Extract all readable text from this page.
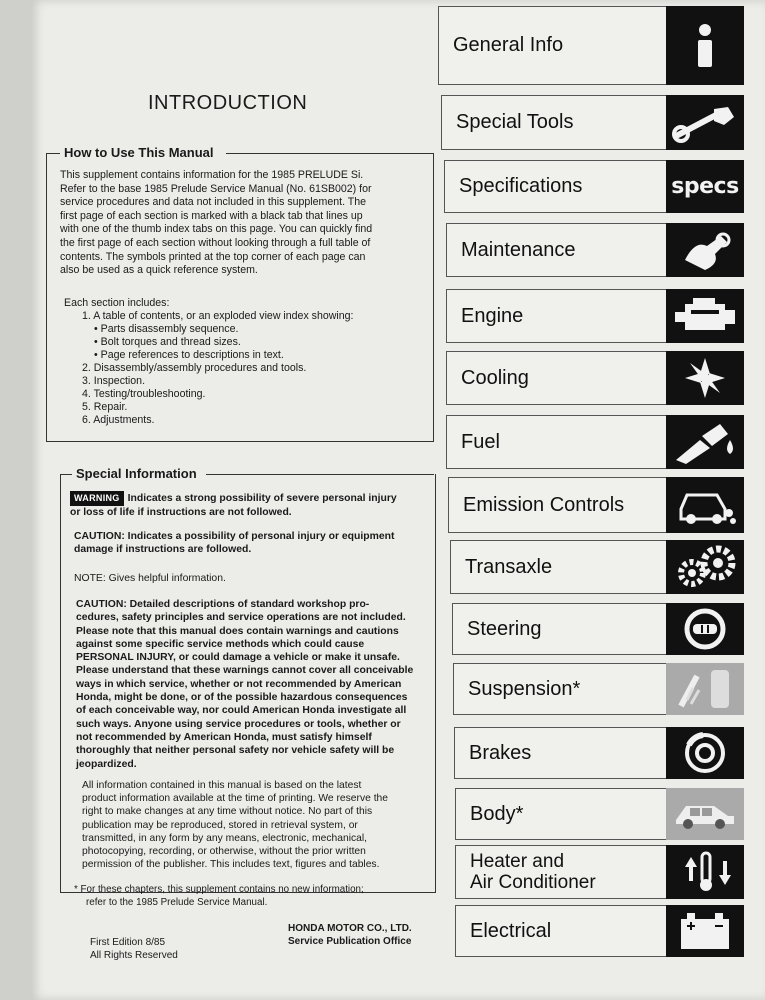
INTRODUCTION
How to Use This Manual

This supplement contains information for the 1985 PRELUDE Si.

Refer to the base 1985 Prelude Service Manual (No. 61SB002) for

service procedures and data not included in this supplement. The

first page of each section is marked with a black tab that lines up

with one of the thumb index tabs on this page. You can quickly find

the first page of each section without looking through a full table of

contents. The symbols printed at the top corner of each page can

also be used as a quick reference system.

Each section includes:
1. A table of contents, or an exploded view index showing:
• Parts disassembly sequence.
• Bolt torques and thread sizes.
• Page references to descriptions in text.
2. Disassembly/assembly procedures and tools.
3. Inspection.
4. Testing/troubleshooting.
5. Repair.
6. Adjustments.
Special Information
WARNING Indicates a strong possibility of severe personal injury
or loss of life if instructions are not followed.
CAUTION: Indicates a possibility of personal injury or equipment
damage if instructions are followed.
NOTE: Gives helpful information.
CAUTION: Detailed descriptions of standard workshop pro-
cedures, safety principles and service operations are not included.
Please note that this manual does contain warnings and cautions
against some specific service methods which could cause
PERSONAL INJURY, or could damage a vehicle or make it unsafe.
Please understand that these warnings cannot cover all conceivable
ways in which service, whether or not recommended by American
Honda, might be done, or of the possible hazardous consequences
of each conceivable way, nor could American Honda investigate all
such ways. Anyone using service procedures or tools, whether or
not recommended by American Honda, must satisfy himself
thoroughly that neither personal safety nor vehicle safety will be
jeopardized.

All information contained in this manual is based on the latest

product information available at the time of printing. We reserve the

right to make changes at any time without notice. No part of this

publication may be reproduced, stored in retrieval system, or

transmitted, in any form by any means, electronic, mechanical,

photocopying, recording, or otherwise, without the prior written

permission of the publisher. This includes text, figures and tables.

* For these chapters, this supplement contains no new information;
refer to the 1985 Prelude Service Manual.
First Edition 8/85
All Rights Reserved
HONDA MOTOR CO., LTD.
Service Publication Office
General Info
Special Tools
Specifications	specs
Maintenance
Engine
Cooling
Fuel
Emission Controls
Transaxle
Steering
Suspension*
Brakes
Body*
Heater and
Air Conditioner
Electrical
